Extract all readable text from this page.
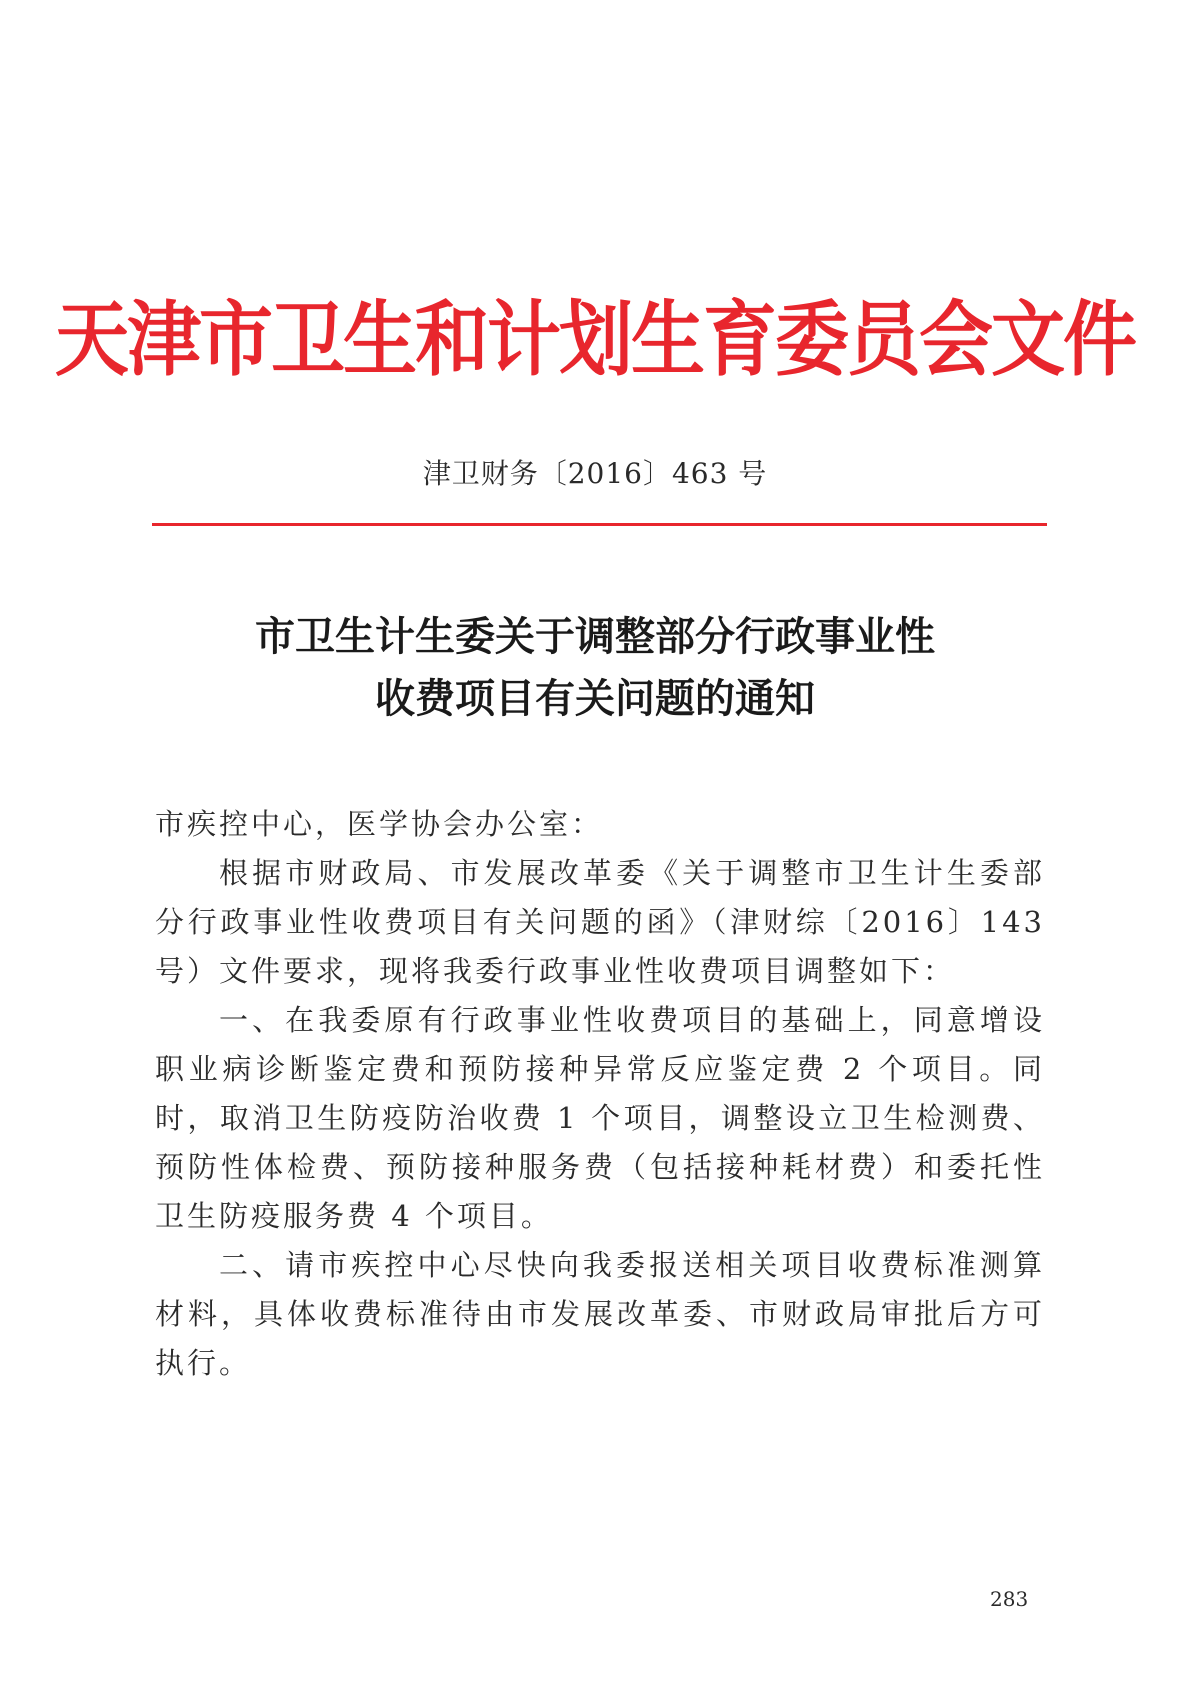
天津市卫生和计划生育委员会文件
津卫财务〔2016〕463 号
市卫生计生委关于调整部分行政事业性
收费项目有关问题的通知

市疾控中心，医学协会办公室：

根据市财政局、市发展改革委《关于调整市卫生计生委部分行政事业性收费项目有关问题的函》（津财综〔2016〕143 号）文件要求，现将我委行政事业性收费项目调整如下：

一、在我委原有行政事业性收费项目的基础上，同意增设职业病诊断鉴定费和预防接种异常反应鉴定费 2 个项目。同时，取消卫生防疫防治收费 1 个项目，调整设立卫生检测费、预防性体检费、预防接种服务费（包括接种耗材费）和委托性卫生防疫服务费 4 个项目。

二、请市疾控中心尽快向我委报送相关项目收费标准测算材料，具体收费标准待由市发展改革委、市财政局审批后方可执行。

283
